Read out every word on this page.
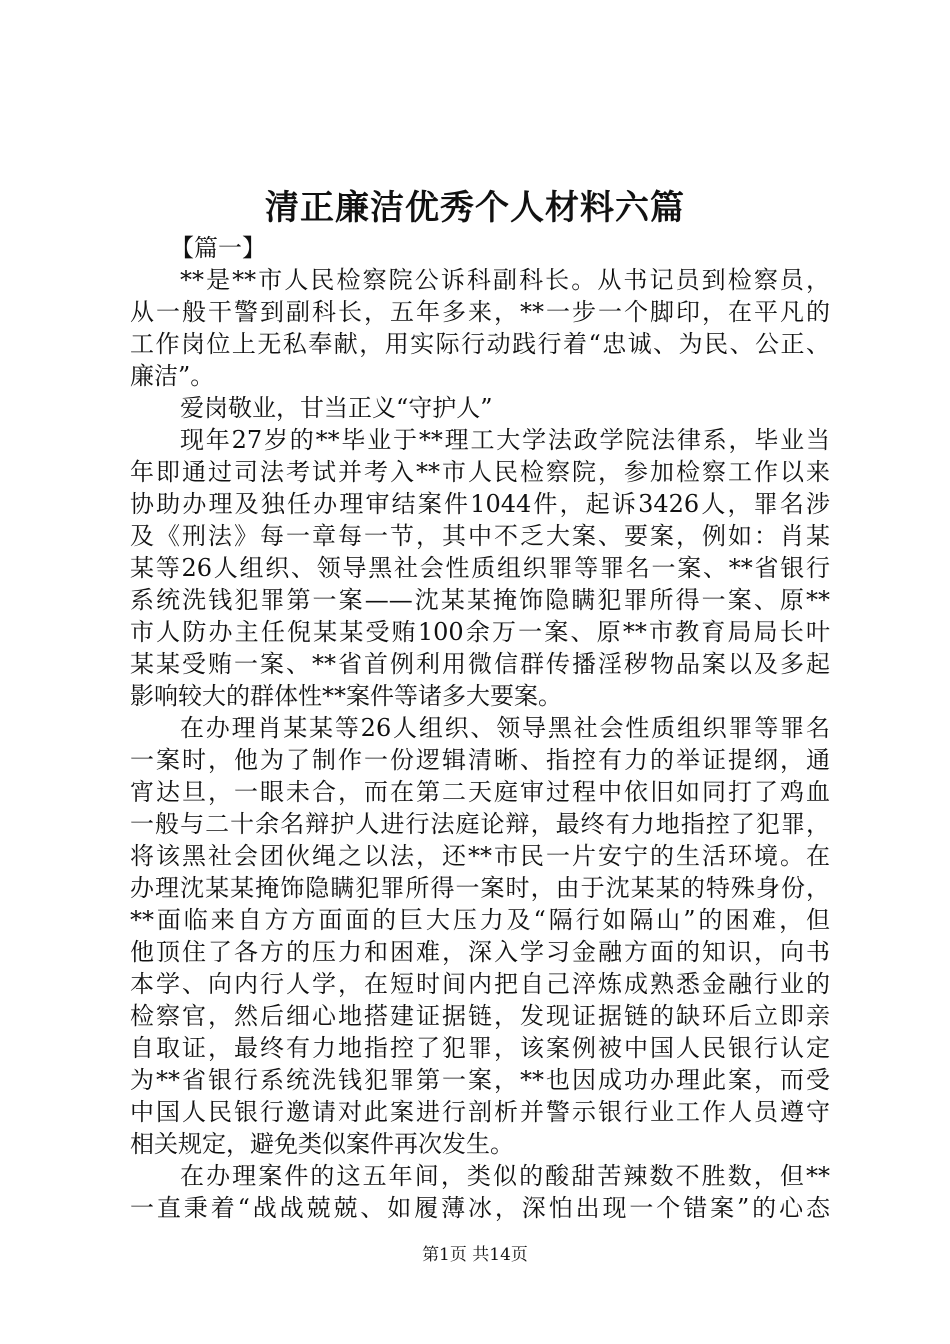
清正廉洁优秀个人材料六篇
【篇一】
**是**市人民检察院公诉科副科长。从书记员到检察员，
从一般干警到副科长，五年多来，**一步一个脚印，在平凡的
工作岗位上无私奉献，用实际行动践行着“忠诚、为民、公正、
廉洁”。
爱岗敬业，甘当正义“守护人”
现年27岁的**毕业于**理工大学法政学院法律系，毕业当
年即通过司法考试并考入**市人民检察院，参加检察工作以来
协助办理及独任办理审结案件1044件，起诉3426人，罪名涉
及《刑法》每一章每一节，其中不乏大案、要案，例如：肖某
某等26人组织、领导黑社会性质组织罪等罪名一案、**省银行
系统洗钱犯罪第一案——沈某某掩饰隐瞒犯罪所得一案、原**
市人防办主任倪某某受贿100余万一案、原**市教育局局长叶
某某受贿一案、**省首例利用微信群传播淫秽物品案以及多起
影响较大的群体性**案件等诸多大要案。
在办理肖某某等26人组织、领导黑社会性质组织罪等罪名
一案时，他为了制作一份逻辑清晰、指控有力的举证提纲，通
宵达旦，一眼未合，而在第二天庭审过程中依旧如同打了鸡血
一般与二十余名辩护人进行法庭论辩，最终有力地指控了犯罪，
将该黑社会团伙绳之以法，还**市民一片安宁的生活环境。在
办理沈某某掩饰隐瞒犯罪所得一案时，由于沈某某的特殊身份，
**面临来自方方面面的巨大压力及“隔行如隔山”的困难，但
他顶住了各方的压力和困难，深入学习金融方面的知识，向书
本学、向内行人学，在短时间内把自己淬炼成熟悉金融行业的
检察官，然后细心地搭建证据链，发现证据链的缺环后立即亲
自取证，最终有力地指控了犯罪，该案例被中国人民银行认定
为**省银行系统洗钱犯罪第一案，**也因成功办理此案，而受
中国人民银行邀请对此案进行剖析并警示银行业工作人员遵守
相关规定，避免类似案件再次发生。
在办理案件的这五年间，类似的酸甜苦辣数不胜数，但**
一直秉着“战战兢兢、如履薄冰，深怕出现一个错案”的心态
第1页 共14页
